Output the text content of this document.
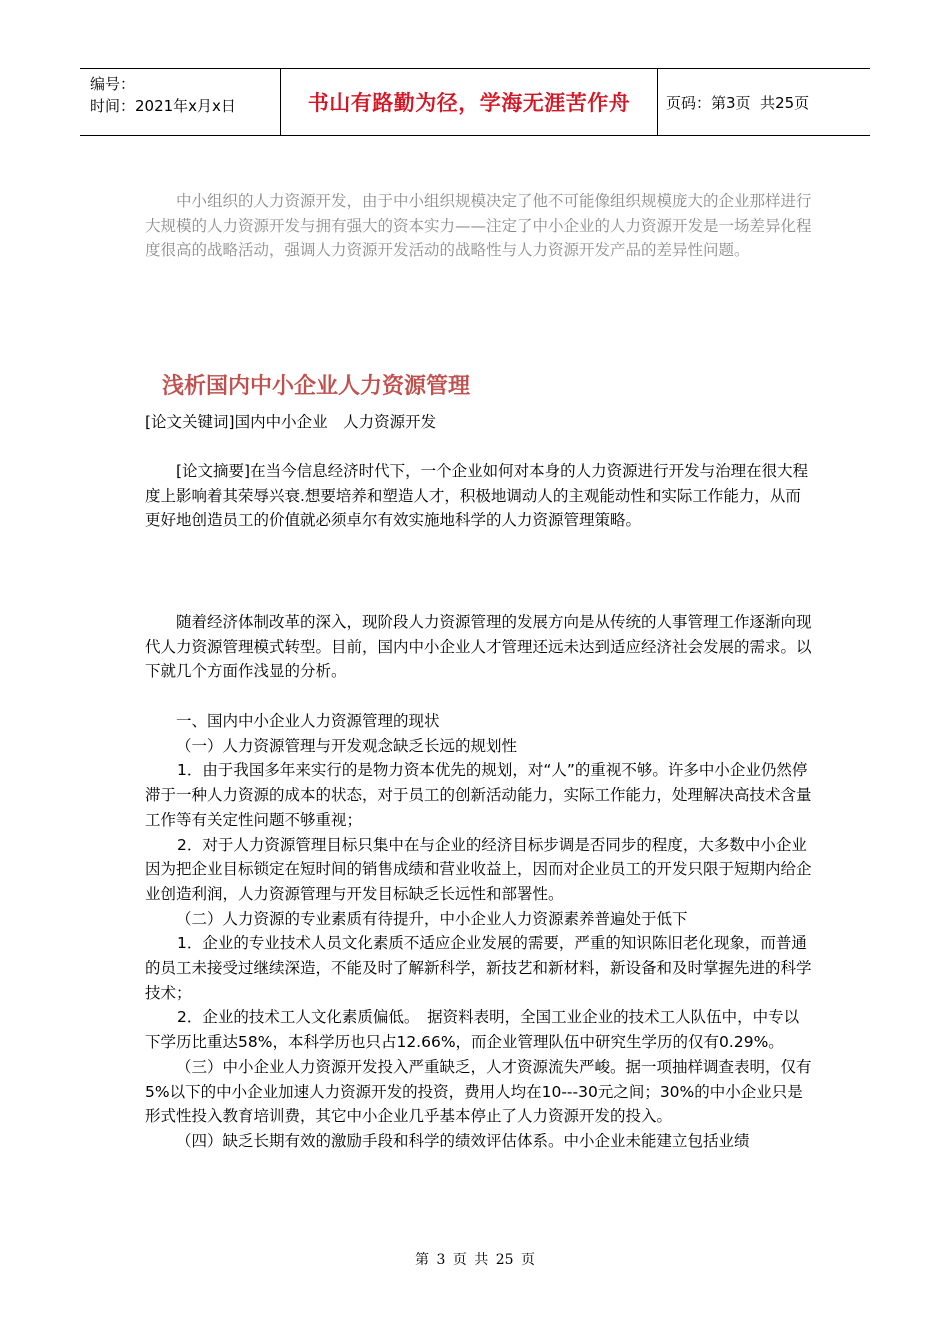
编号：
时间：2021年x月x日	书山有路勤为径，学海无涯苦作舟 页码：第3页  共25页

中小组织的人力资源开发，由于中小组织规模决定了他不可能像组织规模庞大的企业那样进行大规模的人力资源开发与拥有强大的资本实力——注定了中小企业的人力资源开发是一场差异化程度很高的战略活动，强调人力资源开发活动的战略性与人力资源开发产品的差异性问题。

浅析国内中小企业人力资源管理

[论文关键词]国内中小企业　人力资源开发

[论文摘要]在当今信息经济时代下，一个企业如何对本身的人力资源进行开发与治理在很大程度上影响着其荣辱兴衰.想要培养和塑造人才，积极地调动人的主观能动性和实际工作能力，从而更好地创造员工的价值就必须卓尔有效实施地科学的人力资源管理策略。

随着经济体制改革的深入，现阶段人力资源管理的发展方向是从传统的人事管理工作逐渐向现代人力资源管理模式转型。目前，国内中小企业人才管理还远未达到适应经济社会发展的需求。以下就几个方面作浅显的分析。

一、国内中小企业人力资源管理的现状

（一）人力资源管理与开发观念缺乏长远的规划性

1．由于我国多年来实行的是物力资本优先的规划，对“人”的重视不够。许多中小企业仍然停滞于一种人力资源的成本的状态，对于员工的创新活动能力，实际工作能力，处理解决高技术含量工作等有关定性问题不够重视；

2．对于人力资源管理目标只集中在与企业的经济目标步调是否同步的程度，大多数中小企业因为把企业目标锁定在短时间的销售成绩和营业收益上，因而对企业员工的开发只限于短期内给企业创造利润，人力资源管理与开发目标缺乏长远性和部署性。

（二）人力资源的专业素质有待提升，中小企业人力资源素养普遍处于低下

1．企业的专业技术人员文化素质不适应企业发展的需要，严重的知识陈旧老化现象，而普通的员工未接受过继续深造，不能及时了解新科学，新技艺和新材料，新设备和及时掌握先进的科学技术；

2．企业的技术工人文化素质偏低。　据资料表明，全国工业企业的技术工人队伍中，中专以下学历比重达58%，本科学历也只占12.66%，而企业管理队伍中研究生学历的仅有0.29%。

（三）中小企业人力资源开发投入严重缺乏，人才资源流失严峻。据一项抽样调查表明，仅有5%以下的中小企业加速人力资源开发的投资，费用人均在10---30元之间；30%的中小企业只是形式性投入教育培训费，其它中小企业几乎基本停止了人力资源开发的投入。

（四）缺乏长期有效的激励手段和科学的绩效评估体系。中小企业未能建立包括业绩

第 3 页 共 25 页
